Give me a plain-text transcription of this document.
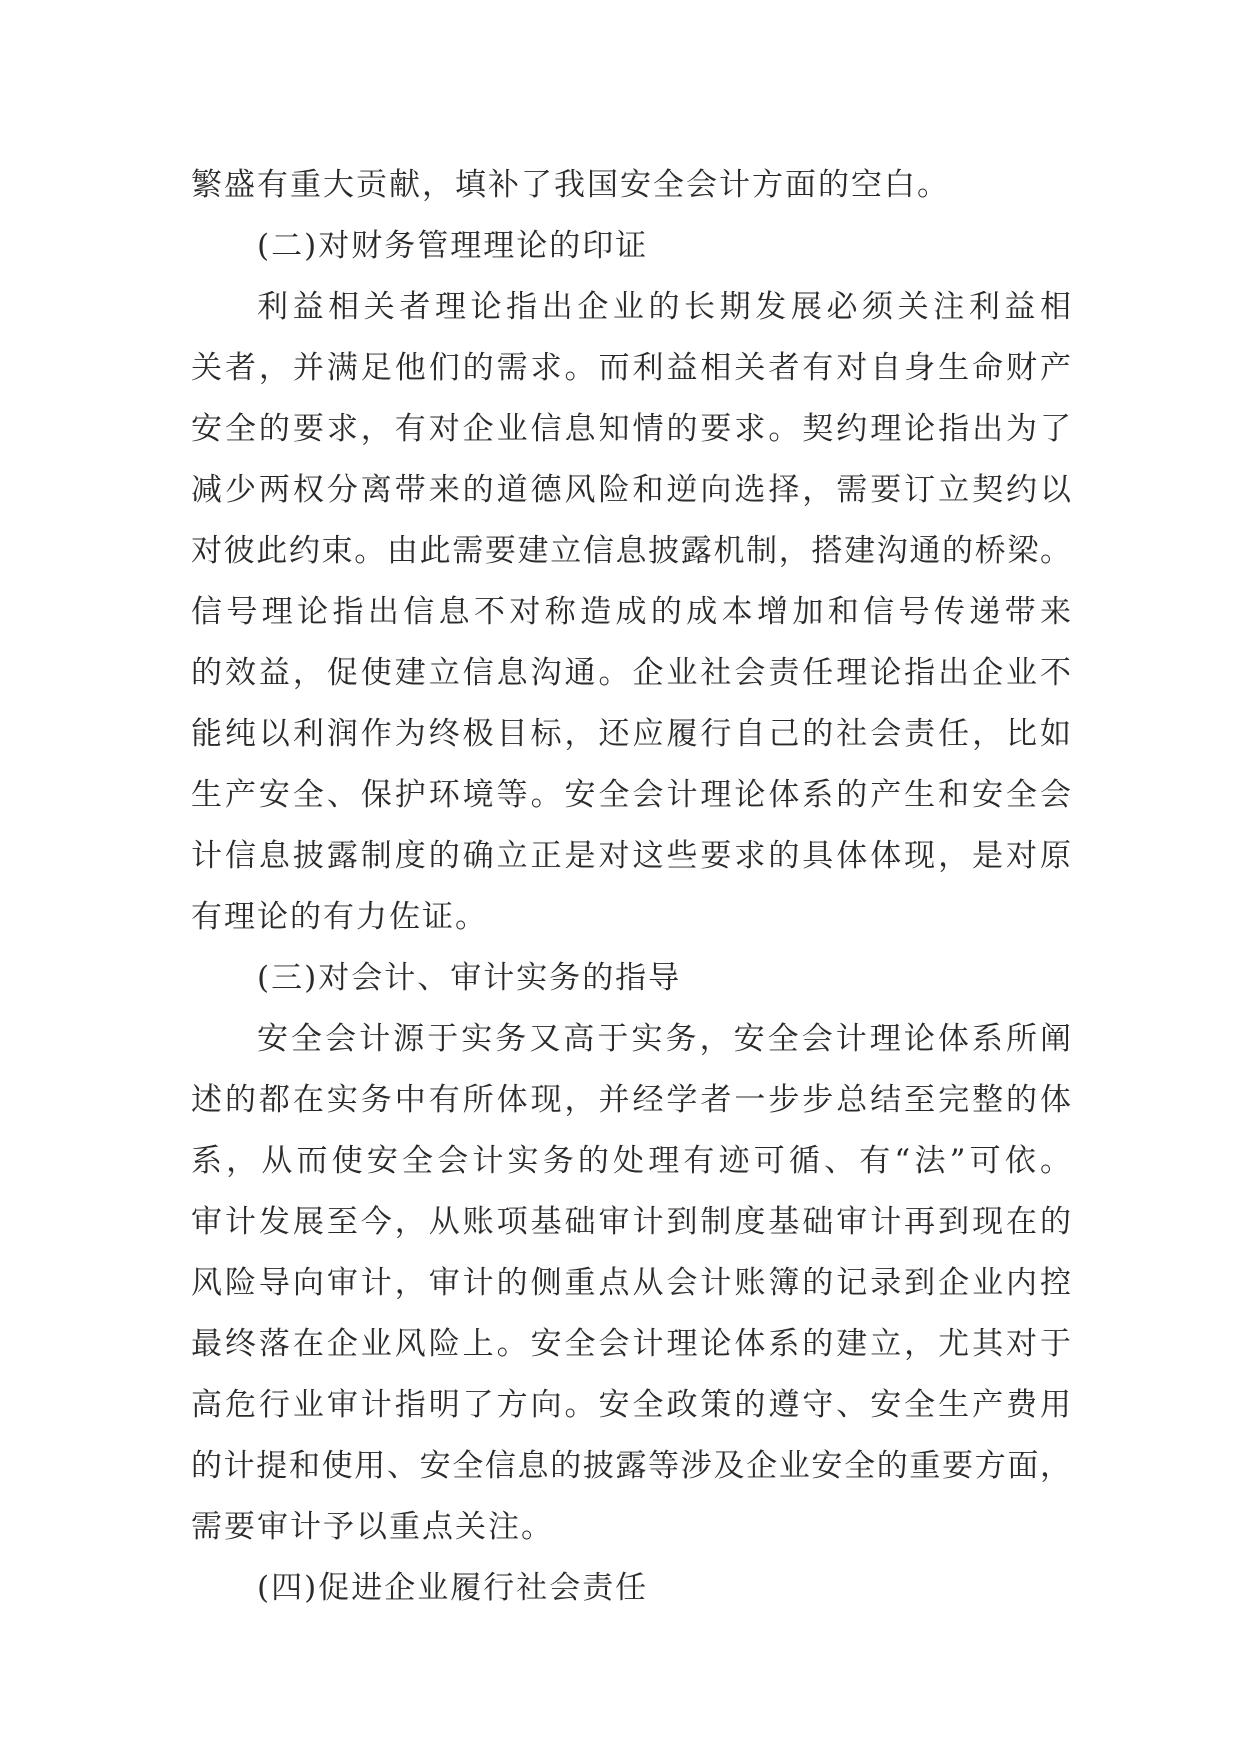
繁盛有重大贡献，填补了我国安全会计方面的空白。
(二)对财务管理理论的印证
利益相关者理论指出企业的长期发展必须关注利益相
关者，并满足他们的需求。而利益相关者有对自身生命财产
安全的要求，有对企业信息知情的要求。契约理论指出为了
减少两权分离带来的道德风险和逆向选择，需要订立契约以
对彼此约束。由此需要建立信息披露机制，搭建沟通的桥梁。
信号理论指出信息不对称造成的成本增加和信号传递带来
的效益，促使建立信息沟通。企业社会责任理论指出企业不
能纯以利润作为终极目标，还应履行自己的社会责任，比如
生产安全、保护环境等。安全会计理论体系的产生和安全会
计信息披露制度的确立正是对这些要求的具体体现，是对原
有理论的有力佐证。
(三)对会计、审计实务的指导
安全会计源于实务又高于实务，安全会计理论体系所阐
述的都在实务中有所体现，并经学者一步步总结至完整的体
系，从而使安全会计实务的处理有迹可循、有“法”可依。
审计发展至今，从账项基础审计到制度基础审计再到现在的
风险导向审计，审计的侧重点从会计账簿的记录到企业内控
最终落在企业风险上。安全会计理论体系的建立，尤其对于
高危行业审计指明了方向。安全政策的遵守、安全生产费用
的计提和使用、安全信息的披露等涉及企业安全的重要方面，
需要审计予以重点关注。
(四)促进企业履行社会责任
